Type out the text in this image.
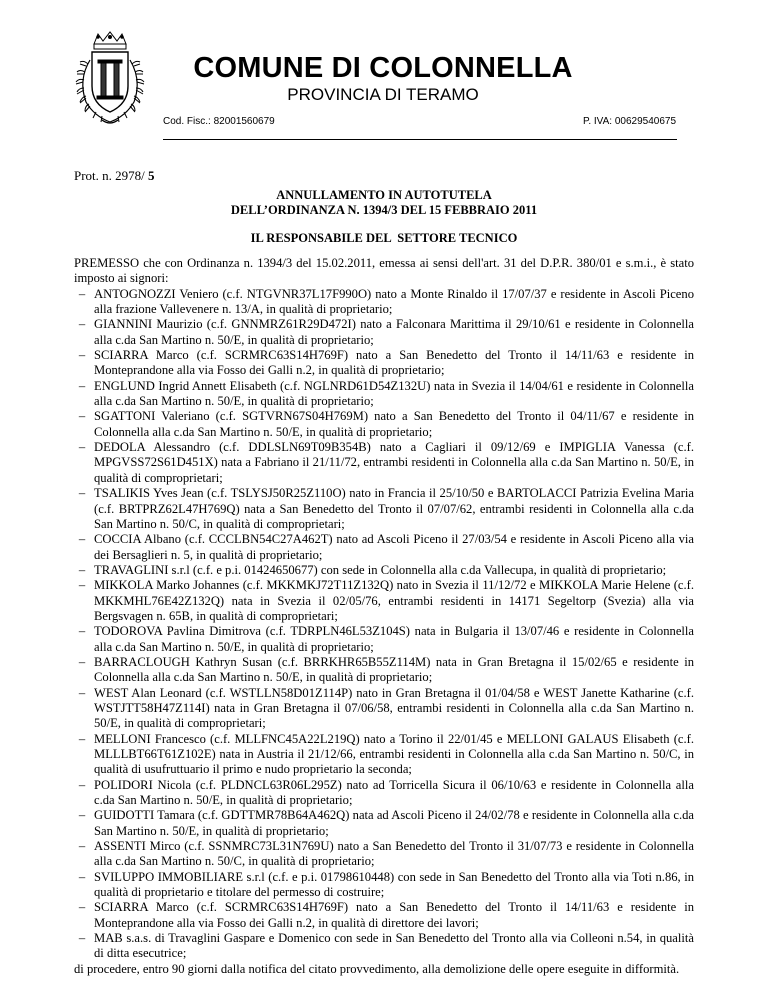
COMUNE DI COLONNELLA
PROVINCIA DI TERAMO
Cod. Fisc.: 82001560679	P. IVA: 00629540675
Prot. n. 2978/ 5
ANNULLAMENTO IN AUTOTUTELA
DELL’ORDINANZA N. 1394/3 DEL 15 FEBBRAIO 2011
IL RESPONSABILE DEL  SETTORE TECNICO

PREMESSO che con Ordinanza n. 1394/3 del 15.02.2011, emessa ai sensi dell'art. 31 del D.P.R. 380/01 e s.m.i., è stato imposto ai signori:

– ANTOGNOZZI Veniero (c.f. NTGVNR37L17F990O) nato a Monte Rinaldo il 17/07/37 e residente in Ascoli Piceno alla frazione Vallevenere n. 13/A, in qualità di proprietario;
– GIANNINI Maurizio (c.f. GNNMRZ61R29D472I) nato a Falconara Marittima il 29/10/61 e residente in Colonnella alla c.da San Martino n. 50/E, in qualità di proprietario;
– SCIARRA Marco (c.f. SCRMRC63S14H769F) nato a San Benedetto del Tronto il 14/11/63 e residente in Monteprandone alla via Fosso dei Galli n.2, in qualità di proprietario;
– ENGLUND Ingrid Annett Elisabeth (c.f. NGLNRD61D54Z132U) nata in Svezia il 14/04/61 e residente in Colonnella alla c.da San Martino n. 50/E, in qualità di proprietario;
– SGATTONI Valeriano (c.f. SGTVRN67S04H769M) nato a San Benedetto del Tronto il 04/11/67 e residente in Colonnella alla c.da San Martino n. 50/E, in qualità di proprietario;
– DEDOLA Alessandro (c.f. DDLSLN69T09B354B) nato a Cagliari il 09/12/69 e IMPIGLIA Vanessa (c.f. MPGVSS72S61D451X) nata a Fabriano il 21/11/72, entrambi residenti in Colonnella alla c.da San Martino n. 50/E, in qualità di comproprietari;
– TSALIKIS Yves Jean (c.f. TSLYSJ50R25Z110O) nato in Francia il 25/10/50 e BARTOLACCI Patrizia Evelina Maria (c.f. BRTPRZ62L47H769Q) nata a San Benedetto del Tronto il 07/07/62, entrambi residenti in Colonnella alla c.da San Martino n. 50/C, in qualità di comproprietari;
– COCCIA Albano (c.f. CCCLBN54C27A462T) nato ad Ascoli Piceno il 27/03/54 e residente in Ascoli Piceno alla via dei Bersaglieri n. 5, in qualità di proprietario;
– TRAVAGLINI s.r.l (c.f. e p.i. 01424650677) con sede in Colonnella alla c.da Vallecupa, in qualità di proprietario;
– MIKKOLA Marko Johannes (c.f. MKKMKJ72T11Z132Q) nato in Svezia il 11/12/72 e MIKKOLA Marie Helene (c.f. MKKMHL76E42Z132Q) nata in Svezia il 02/05/76, entrambi residenti in 14171 Segeltorp (Svezia) alla via Bergsvagen n. 65B, in qualità di comproprietari;
– TODOROVA Pavlina Dimitrova (c.f. TDRPLN46L53Z104S) nata in Bulgaria il 13/07/46 e residente in Colonnella alla c.da San Martino n. 50/E, in qualità di proprietario;
– BARRACLOUGH Kathryn Susan (c.f. BRRKHR65B55Z114M) nata in Gran Bretagna il 15/02/65 e residente in Colonnella alla c.da San Martino n. 50/E, in qualità di proprietario;
– WEST Alan Leonard (c.f. WSTLLN58D01Z114P) nato in Gran Bretagna il 01/04/58 e WEST Janette Katharine (c.f. WSTJTT58H47Z114I) nata in Gran Bretagna il 07/06/58, entrambi residenti in Colonnella alla c.da San Martino n. 50/E, in qualità di comproprietari;
– MELLONI Francesco (c.f. MLLFNC45A22L219Q) nato a Torino il 22/01/45 e MELLONI GALAUS Elisabeth (c.f. MLLLBT66T61Z102E) nata in Austria il 21/12/66, entrambi residenti in Colonnella alla c.da San Martino n. 50/C, in qualità di usufruttuario il primo e nudo proprietario la seconda;
– POLIDORI Nicola (c.f. PLDNCL63R06L295Z) nato ad Torricella Sicura il 06/10/63 e residente in Colonnella alla c.da San Martino n. 50/E, in qualità di proprietario;
– GUIDOTTI Tamara (c.f. GDTTMR78B64A462Q) nata ad Ascoli Piceno il 24/02/78 e residente in Colonnella alla c.da San Martino n. 50/E, in qualità di proprietario;
– ASSENTI Mirco (c.f. SSNMRC73L31N769U) nato a San Benedetto del Tronto il 31/07/73 e residente in Colonnella alla c.da San Martino n. 50/C, in qualità di proprietario;
– SVILUPPO IMMOBILIARE s.r.l (c.f. e p.i. 01798610448) con sede in San Benedetto del Tronto alla via Toti n.86, in qualità di proprietario e titolare del permesso di costruire;
– SCIARRA Marco (c.f. SCRMRC63S14H769F) nato a San Benedetto del Tronto il 14/11/63 e residente in Monteprandone alla via Fosso dei Galli n.2, in qualità di direttore dei lavori;
– MAB s.a.s. di Travaglini Gaspare e Domenico con sede in San Benedetto del Tronto alla via Colleoni n.54, in qualità di ditta esecutrice;

di procedere, entro 90 giorni dalla notifica del citato provvedimento, alla demolizione delle opere eseguite in difformità.
